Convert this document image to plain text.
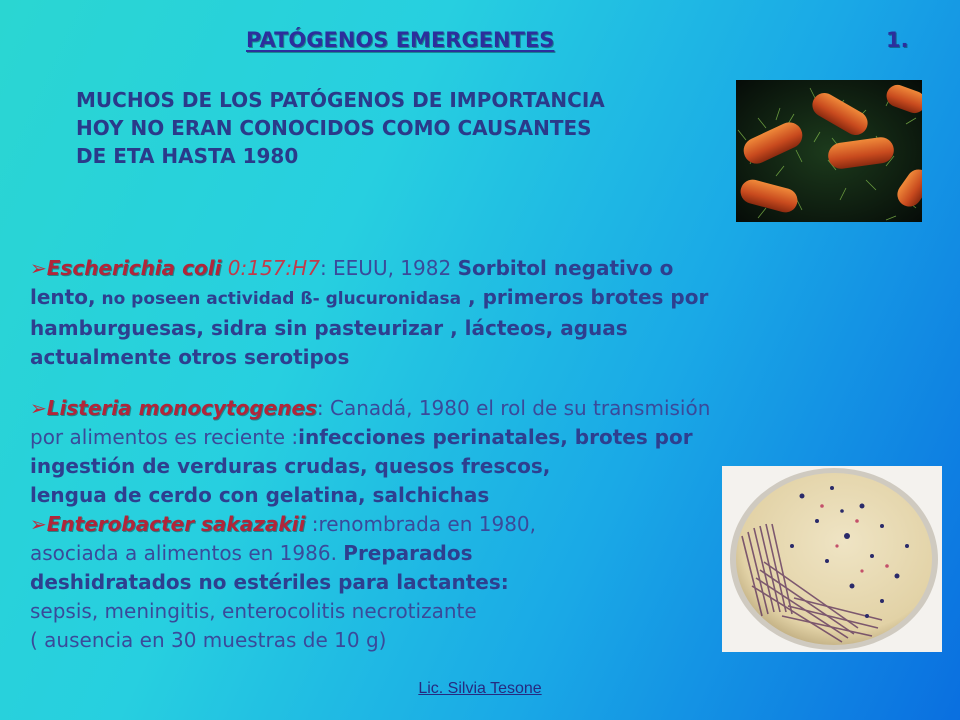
PATÓGENOS EMERGENTES	1.
MUCHOS DE LOS PATÓGENOS DE IMPORTANCIA
HOY NO ERAN CONOCIDOS COMO CAUSANTES
DE ETA HASTA 1980

➢Escherichia coli 0:157:H7: EEUU, 1982 Sorbitol negativo o
lento, no poseen actividad ß- glucuronidasa , primeros brotes por
hamburguesas, sidra sin pasteurizar , lácteos, aguas
actualmente otros serotipos

➢Listeria monocytogenes: Canadá, 1980 el rol de su transmisión
por alimentos es reciente :infecciones perinatales, brotes por
ingestión de verduras crudas, quesos frescos,
lengua de cerdo con gelatina, salchichas

➢Enterobacter sakazakii :renombrada en 1980,
asociada a alimentos en 1986. Preparados
deshidratados no estériles para lactantes:
sepsis, meningitis, enterocolitis necrotizante
( ausencia en 30 muestras de 10 g)

Lic. Silvia Tesone
